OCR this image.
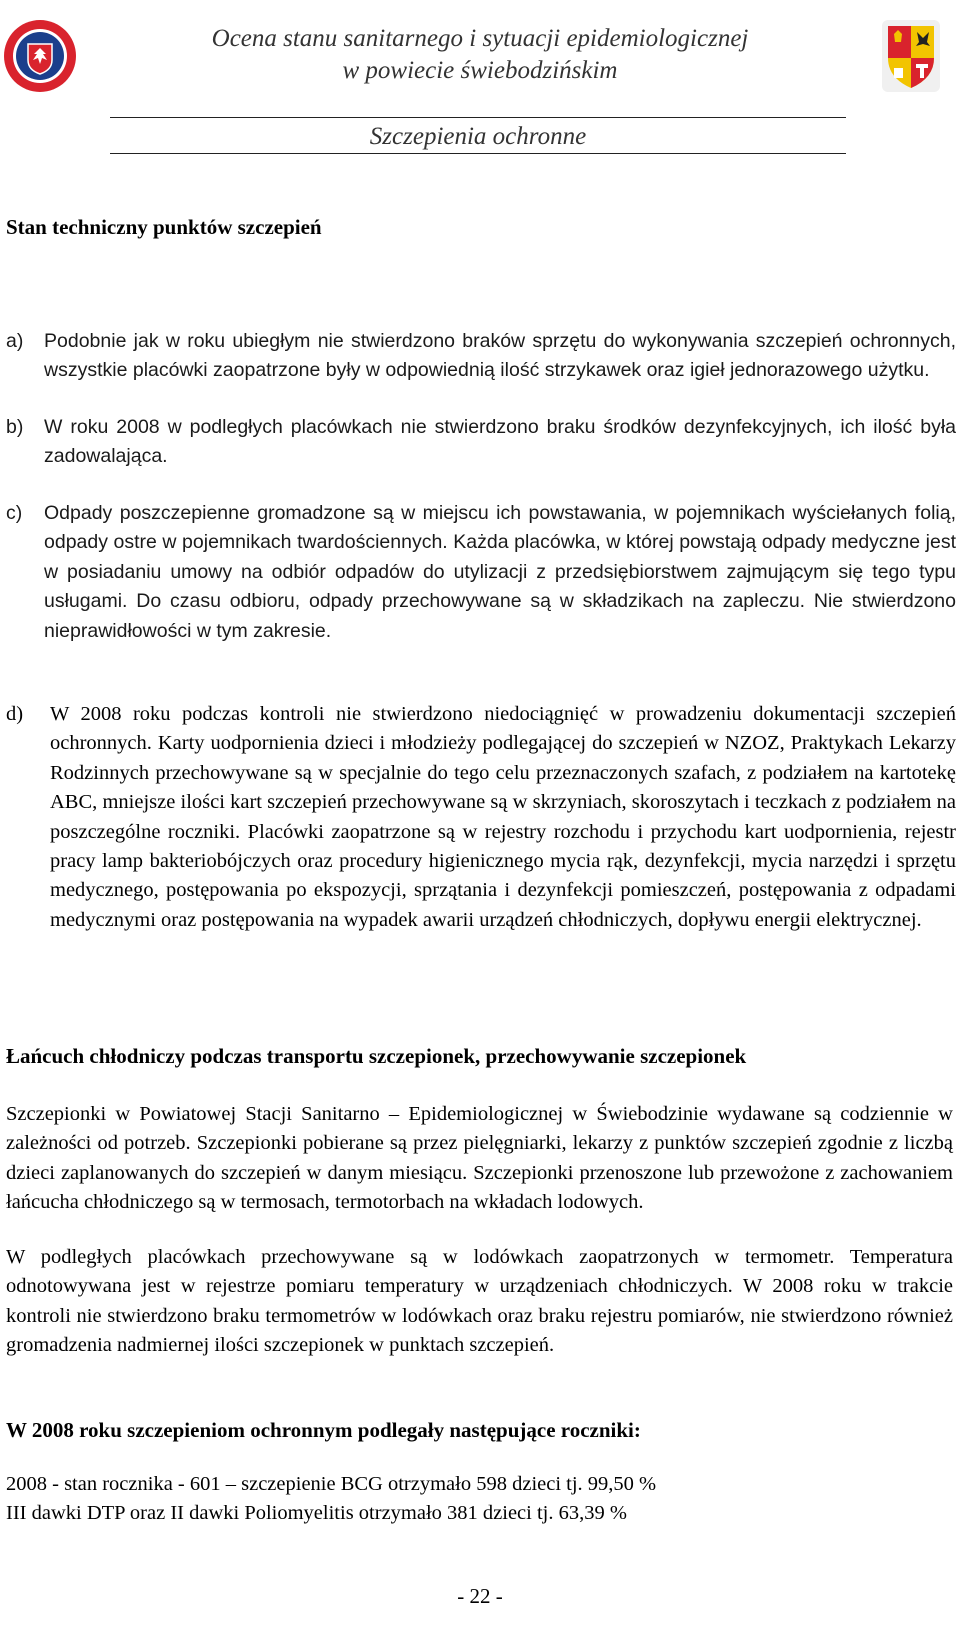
Ocena stanu sanitarnego i sytuacji epidemiologicznej
w powiecie świebodzińskim
Szczepienia ochronne
Stan techniczny punktów szczepień
a) Podobnie jak w roku ubiegłym nie stwierdzono braków sprzętu do wykonywania szczepień ochronnych, wszystkie placówki zaopatrzone były w odpowiednią ilość strzykawek oraz igieł jednorazowego użytku.
b) W roku 2008 w podległych placówkach nie stwierdzono braku środków dezynfekcyjnych, ich ilość była zadowalająca.
c) Odpady poszczepienne gromadzone są w miejscu ich powstawania, w pojemnikach wyściełanych folią, odpady ostre w pojemnikach twardościennych. Każda placówka, w której powstają odpady medyczne jest w posiadaniu umowy na odbiór odpadów do utylizacji z przedsiębiorstwem zajmującym się tego typu usługami. Do czasu odbioru, odpady przechowywane są w składzikach na zapleczu. Nie stwierdzono nieprawidłowości w tym zakresie.
d) W 2008 roku podczas kontroli nie stwierdzono niedociągnięć w prowadzeniu dokumentacji szczepień ochronnych. Karty uodpornienia dzieci i młodzieży podlegającej do szczepień w NZOZ, Praktykach Lekarzy Rodzinnych przechowywane są w specjalnie do tego celu przeznaczonych szafach, z podziałem na kartotekę ABC, mniejsze ilości kart szczepień przechowywane są w skrzyniach, skoroszytach i teczkach z podziałem na poszczególne roczniki. Placówki zaopatrzone są w rejestry rozchodu i przychodu kart uodpornienia, rejestr pracy lamp bakteriobójczych oraz procedury higienicznego mycia rąk, dezynfekcji, mycia narzędzi i sprzętu medycznego, postępowania po ekspozycji, sprzątania i dezynfekcji pomieszczeń, postępowania z odpadami medycznymi oraz postępowania na wypadek awarii urządzeń chłodniczych, dopływu energii elektrycznej.
Łańcuch chłodniczy podczas transportu szczepionek, przechowywanie szczepionek
Szczepionki w Powiatowej Stacji Sanitarno – Epidemiologicznej w Świebodzinie wydawane są codziennie w zależności od potrzeb. Szczepionki pobierane są przez pielęgniarki, lekarzy z punktów szczepień zgodnie z liczbą dzieci zaplanowanych do szczepień w danym miesiącu. Szczepionki przenoszone lub przewożone z zachowaniem łańcucha chłodniczego są w termosach, termotorbach na wkładach lodowych.
W podległych placówkach przechowywane są w lodówkach zaopatrzonych w termometr. Temperatura odnotowywana jest w rejestrze pomiaru temperatury w urządzeniach chłodniczych. W 2008 roku w trakcie kontroli nie stwierdzono braku termometrów w lodówkach oraz braku rejestru pomiarów, nie stwierdzono również gromadzenia nadmiernej ilości szczepionek w punktach szczepień.
W 2008 roku szczepieniom ochronnym podlegały następujące roczniki:
2008 - stan rocznika - 601 – szczepienie BCG otrzymało 598 dzieci tj. 99,50 %
III dawki DTP oraz II dawki Poliomyelitis otrzymało 381 dzieci tj. 63,39 %
- 22 -
